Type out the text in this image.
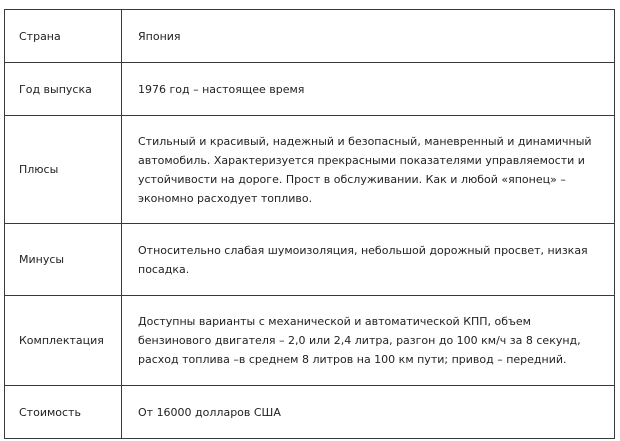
Страна	Япония
Год выпуска	1976 год – настоящее время
Плюсы	Стильный и красивый, надежный и безопасный, маневренный и динамичный автомобиль. Характеризуется прекрасными показателями управляемости и устойчивости на дороге. Прост в обслуживании. Как и любой «японец» – экономно расходует топливо.
Минусы	Относительно слабая шумоизоляция, небольшой дорожный просвет, низкая посадка.
Комплектация	Доступны варианты с механической и автоматической КПП, объем бензинового двигателя – 2,0 или 2,4 литра, разгон до 100 км/ч за 8 секунд, расход топлива –в среднем 8 литров на 100 км пути; привод – передний.
Стоимость	От 16000 долларов США
